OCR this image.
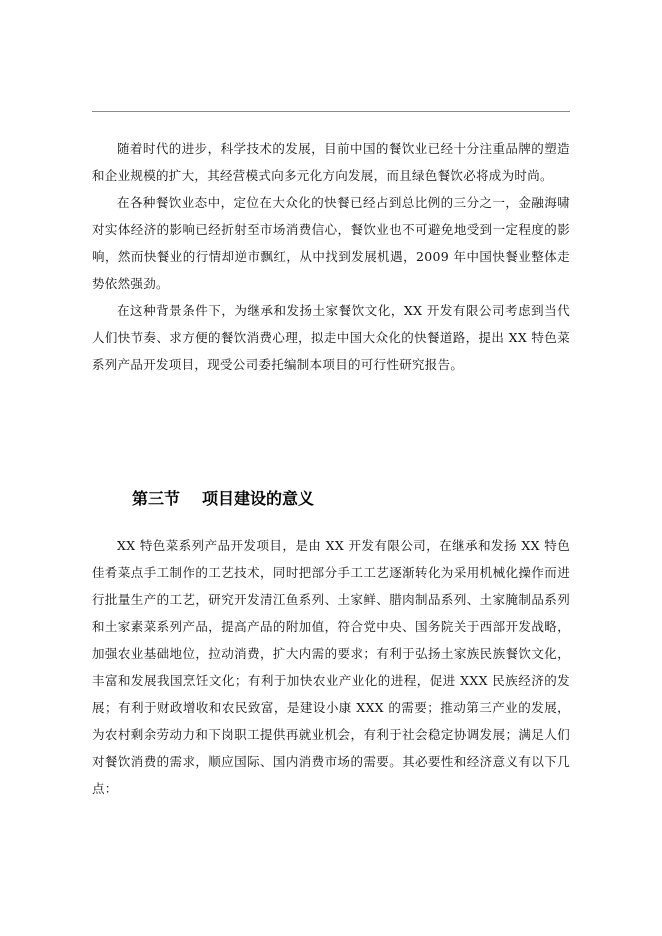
随着时代的进步，科学技术的发展，目前中国的餐饮业已经十分注重品牌的塑造和企业规模的扩大，其经营模式向多元化方向发展，而且绿色餐饮必将成为时尚。

在各种餐饮业态中，定位在大众化的快餐已经占到总比例的三分之一，金融海啸对实体经济的影响已经折射至市场消费信心，餐饮业也不可避免地受到一定程度的影响，然而快餐业的行情却逆市飘红，从中找到发展机遇，2009 年中国快餐业整体走势依然强劲。

在这种背景条件下，为继承和发扬土家餐饮文化，XX 开发有限公司考虑到当代人们快节奏、求方便的餐饮消费心理，拟走中国大众化的快餐道路，提出 XX 特色菜系列产品开发项目，现受公司委托编制本项目的可行性研究报告。

第三节 项目建设的意义

XX 特色菜系列产品开发项目，是由 XX 开发有限公司，在继承和发扬 XX 特色佳肴菜点手工制作的工艺技术，同时把部分手工工艺逐渐转化为采用机械化操作而进行批量生产的工艺，研究开发清江鱼系列、土家鲜、腊肉制品系列、土家腌制品系列和土家素菜系列产品，提高产品的附加值，符合党中央、国务院关于西部开发战略，加强农业基础地位，拉动消费，扩大内需的要求；有利于弘扬土家族民族餐饮文化，丰富和发展我国烹饪文化；有利于加快农业产业化的进程，促进 XXX 民族经济的发展；有利于财政增收和农民致富，是建设小康 XXX 的需要；推动第三产业的发展，为农村剩余劳动力和下岗职工提供再就业机会，有利于社会稳定协调发展；满足人们对餐饮消费的需求，顺应国际、国内消费市场的需要。其必要性和经济意义有以下几点：
